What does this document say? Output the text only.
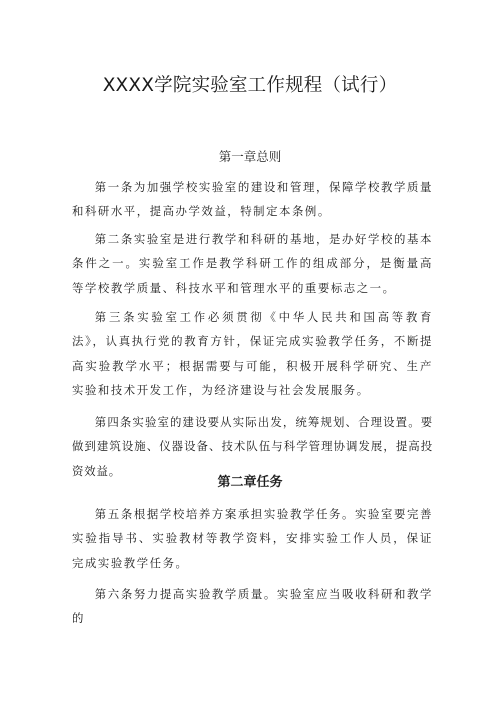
XXXX学院实验室工作规程（试行）
第一章总则

第一条为加强学校实验室的建设和管理，保障学校教学质量和科研水平，提高办学效益，特制定本条例。

第二条实验室是进行教学和科研的基地，是办好学校的基本条件之一。实验室工作是教学科研工作的组成部分，是衡量高等学校教学质量、科技水平和管理水平的重要标志之一。

第三条实验室工作必须贯彻《中华人民共和国高等教育法》，认真执行党的教育方针，保证完成实验教学任务，不断提高实验教学水平；根据需要与可能，积极开展科学研究、生产实验和技术开发工作，为经济建设与社会发展服务。

第四条实验室的建设要从实际出发，统筹规划、合理设置。要做到建筑设施、仪器设备、技术队伍与科学管理协调发展，提高投资效益。

第二章任务

第五条根据学校培养方案承担实验教学任务。实验室要完善实验指导书、实验教材等教学资料，安排实验工作人员，保证完成实验教学任务。

第六条努力提高实验教学质量。实验室应当吸收科研和教学的
